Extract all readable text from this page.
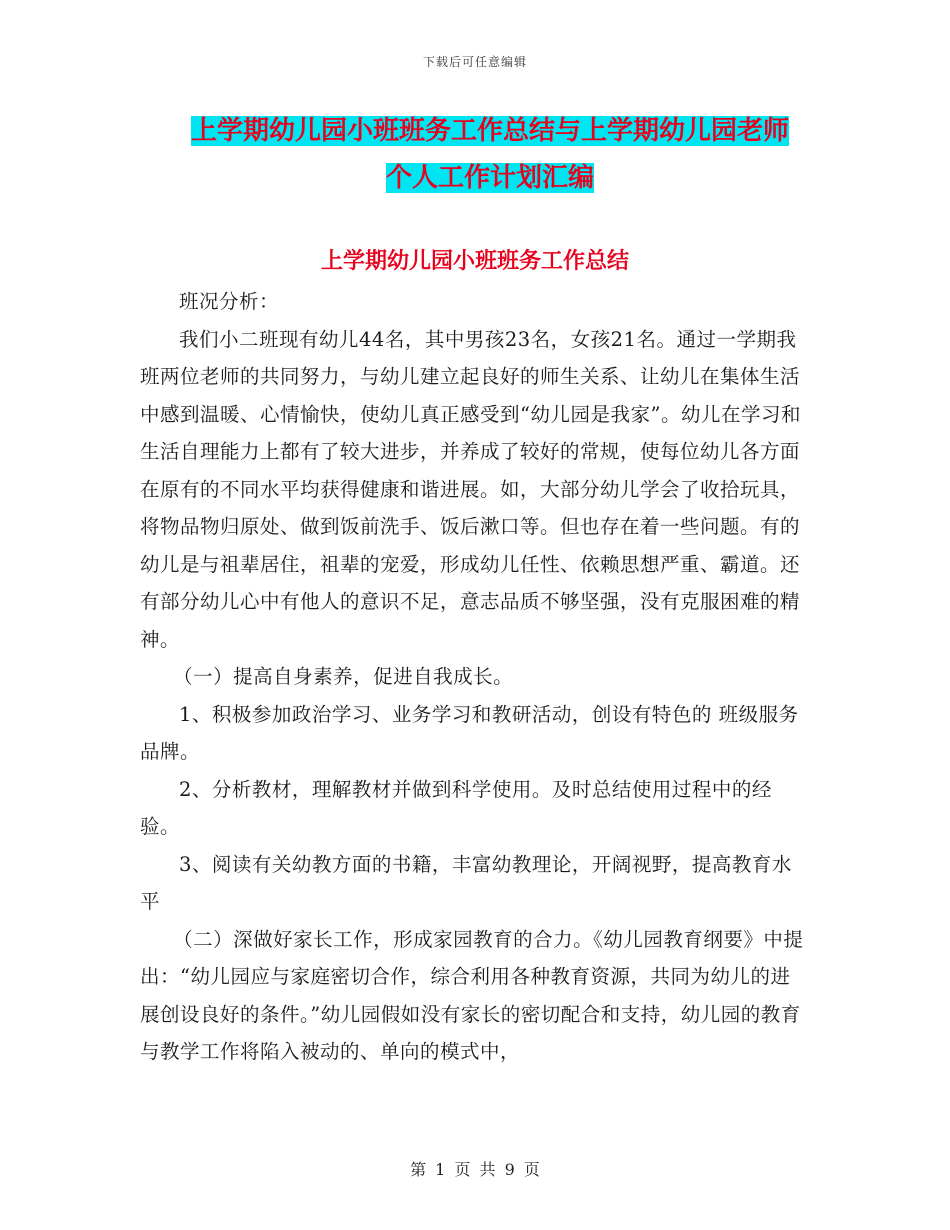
下载后可任意编辑
上学期幼儿园小班班务工作总结与上学期幼儿园老师
个人工作计划汇编
上学期幼儿园小班班务工作总结

班况分析：

我们小二班现有幼儿44名，其中男孩23名，女孩21名。通过一学期我班两位老师的共同努力，与幼儿建立起良好的师生关系、让幼儿在集体生活中感到温暖、心情愉快，使幼儿真正感受到“幼儿园是我家”。幼儿在学习和生活自理能力上都有了较大进步，并养成了较好的常规，使每位幼儿各方面在原有的不同水平均获得健康和谐进展。如，大部分幼儿学会了收拾玩具，将物品物归原处、做到饭前洗手、饭后漱口等。但也存在着一些问题。有的幼儿是与祖辈居住，祖辈的宠爱，形成幼儿任性、依赖思想严重、霸道。还有部分幼儿心中有他人的意识不足，意志品质不够坚强，没有克服困难的精神。

（一）提高自身素养，促进自我成长。

1、积极参加政治学习、业务学习和教研活动，创设有特色的 班级服务品牌。

2、分析教材，理解教材并做到科学使用。及时总结使用过程中的经验。

3、阅读有关幼教方面的书籍，丰富幼教理论，开阔视野，提高教育水平

（二）深做好家长工作，形成家园教育的合力。《幼儿园教育纲要》中提出：“幼儿园应与家庭密切合作，综合利用各种教育资源，共同为幼儿的进展创设良好的条件。”幼儿园假如没有家长的密切配合和支持，幼儿园的教育与教学工作将陷入被动的、单向的模式中，

第 1 页 共 9 页
